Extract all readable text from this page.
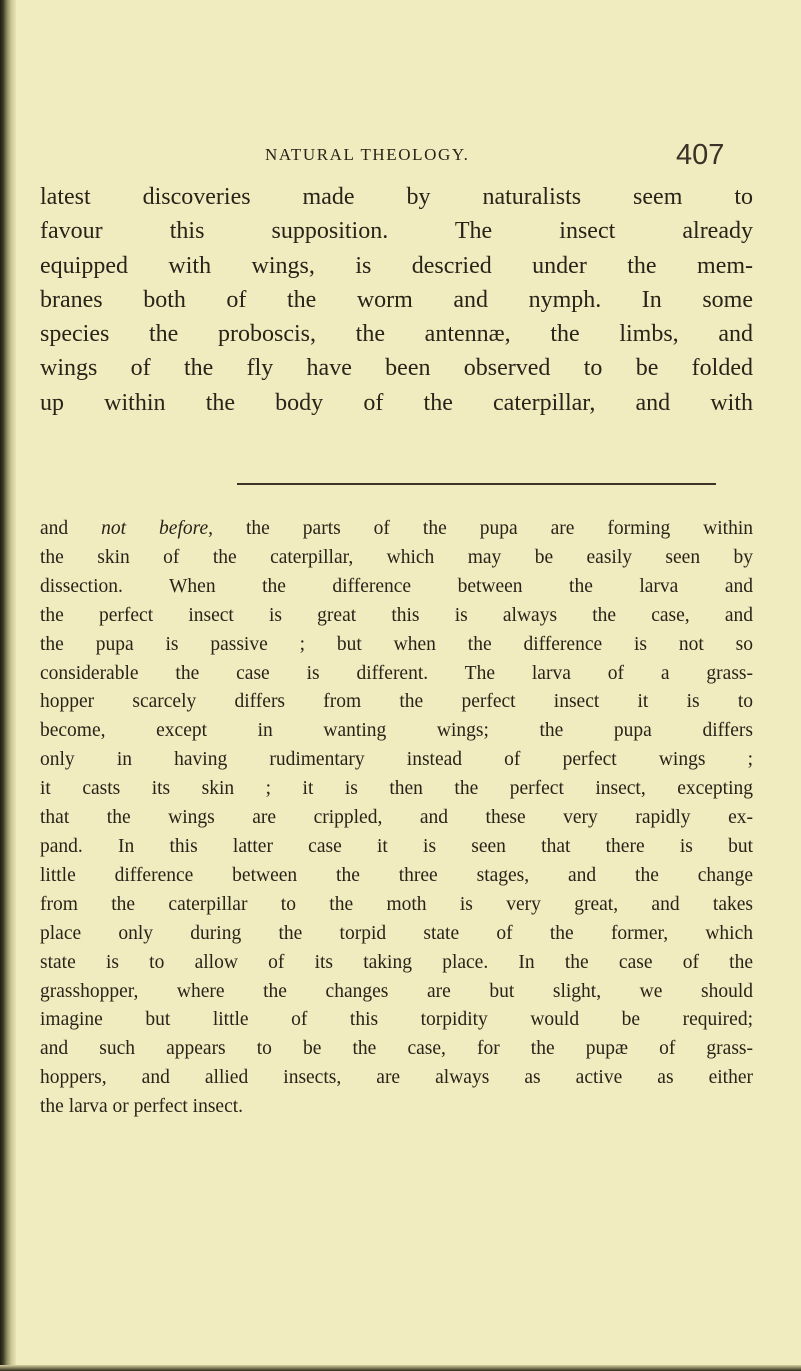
NATURAL THEOLOGY.	407
latest discoveries made by naturalists seem to
favour this supposition. The insect already
equipped with wings, is descried under the mem-
branes both of the worm and nymph. In some
species the proboscis, the antennæ, the limbs, and
wings of the fly have been observed to be folded
up within the body of the caterpillar, and with
and not before, the parts of the pupa are forming within
the skin of the caterpillar, which may be easily seen by
dissection. When the difference between the larva and
the perfect insect is great this is always the case, and
the pupa is passive ; but when the difference is not so
considerable the case is different. The larva of a grass-
hopper scarcely differs from the perfect insect it is to
become, except in wanting wings; the pupa differs
only in having rudimentary instead of perfect wings ;
it casts its skin ; it is then the perfect insect, excepting
that the wings are crippled, and these very rapidly ex-
pand. In this latter case it is seen that there is but
little difference between the three stages, and the change
from the caterpillar to the moth is very great, and takes
place only during the torpid state of the former, which
state is to allow of its taking place. In the case of the
grasshopper, where the changes are but slight, we should
imagine but little of this torpidity would be required;
and such appears to be the case, for the pupæ of grass-
hoppers, and allied insects, are always as active as either
the larva or perfect insect.
